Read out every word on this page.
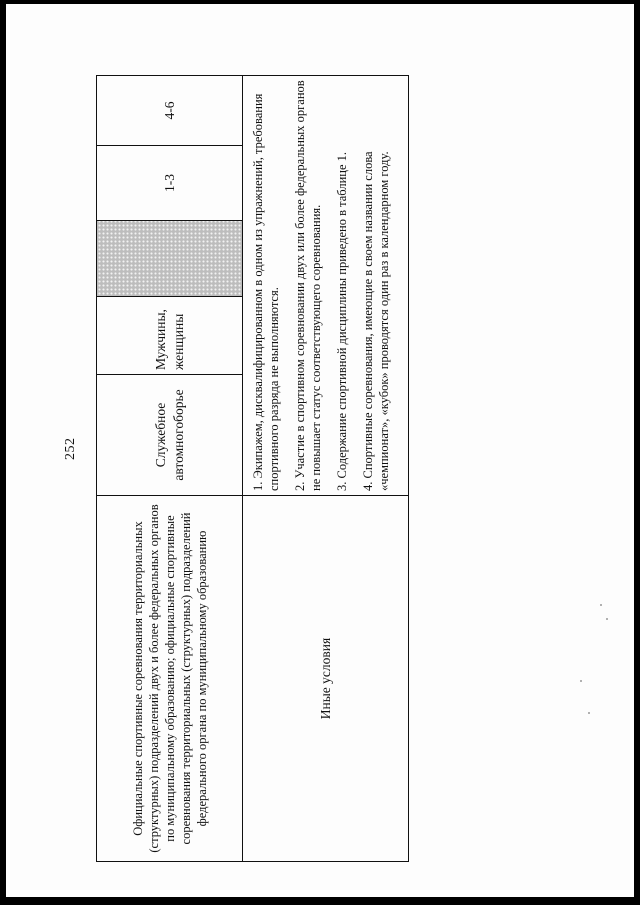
252
Официальные спортивные соревнования территориальных (структурных) подразделений двух и более федеральных органов по муниципальному образованию; официальные спортивные соревнования территориальных (структурных) подразделений федерального органа по муниципальному образованию	Служебное автомногоборье	Мужчины, женщины		1-3	4-6
Иные условия	1. Экипажем, дисквалифицированном в одном из упражнений, требования спортивного разряда не выполняются. 2. Участие в спортивном соревновании двух или более федеральных органов не повышает статус соответствующего соревнования. 3. Содержание спортивной дисциплины приведено в таблице 1. 4. Спортивные соревнования, имеющие в своем названии слова «чемпионат», «кубок» проводятся один раз в календарном году.				
